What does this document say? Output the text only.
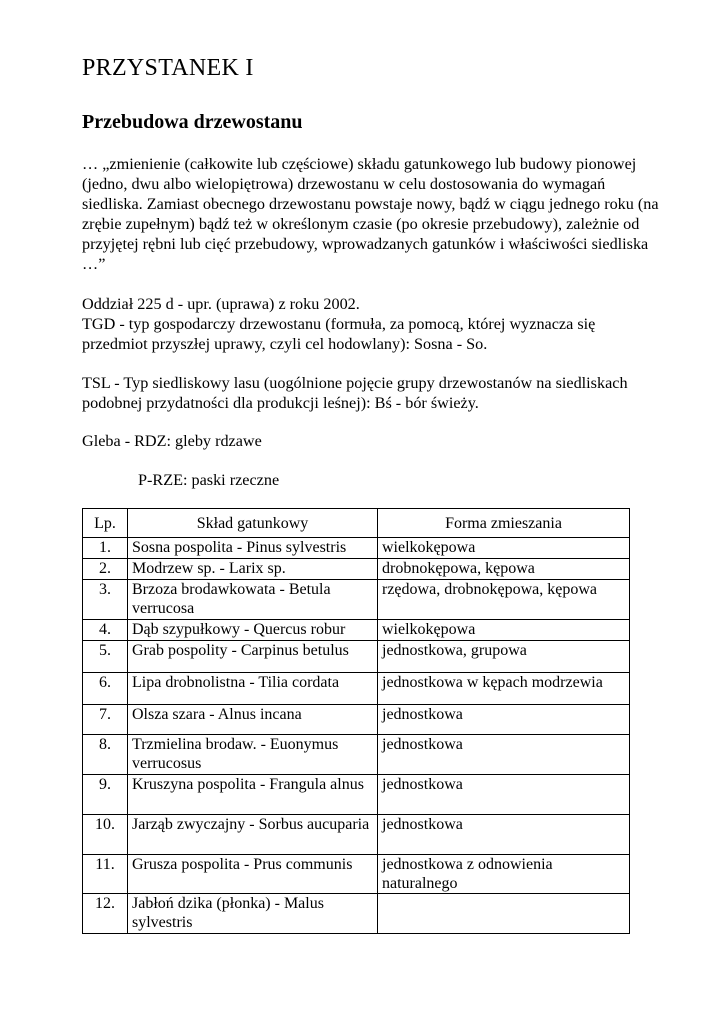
PRZYSTANEK I
Przebudowa drzewostanu

… „zmienienie (całkowite lub częściowe) składu gatunkowego lub budowy pionowej (jedno, dwu albo wielopiętrowa) drzewostanu w celu dostosowania do wymagań siedliska. Zamiast obecnego drzewostanu powstaje nowy, bądź w ciągu jednego roku (na zrębie zupełnym) bądź też w określonym czasie (po okresie przebudowy), zależnie od przyjętej rębni lub cięć przebudowy, wprowadzanych gatunków i właściwości siedliska …”

Oddział 225 d - upr. (uprawa) z roku 2002.
TGD - typ gospodarczy drzewostanu (formuła, za pomocą, której wyznacza się przedmiot przyszłej uprawy, czyli cel hodowlany): Sosna - So.

TSL - Typ siedliskowy lasu (uogólnione pojęcie grupy drzewostanów na siedliskach podobnej przydatności dla produkcji leśnej): Bś - bór świeży.

Gleba - RDZ: gleby rdzawe

P-RZE: paski rzeczne

Lp.	Skład gatunkowy	Forma zmieszania
1.	Sosna pospolita - Pinus sylvestris	wielkokępowa
2.	Modrzew sp. - Larix sp.	drobnokępowa, kępowa
3.	Brzoza brodawkowata - Betula verrucosa	rzędowa, drobnokępowa, kępowa
4.	Dąb szypułkowy - Quercus robur	wielkokępowa
5.	Grab pospolity - Carpinus betulus	jednostkowa, grupowa
6.	Lipa drobnolistna - Tilia cordata	jednostkowa w kępach modrzewia
7.	Olsza szara - Alnus incana	jednostkowa
8.	Trzmielina brodaw. - Euonymus verrucosus	jednostkowa
9.	Kruszyna pospolita - Frangula alnus	jednostkowa
10.	Jarząb zwyczajny - Sorbus aucuparia	jednostkowa
11.	Grusza pospolita - Prus communis	jednostkowa z odnowienia naturalnego
12.	Jabłoń dzika (płonka) - Malus sylvestris	
